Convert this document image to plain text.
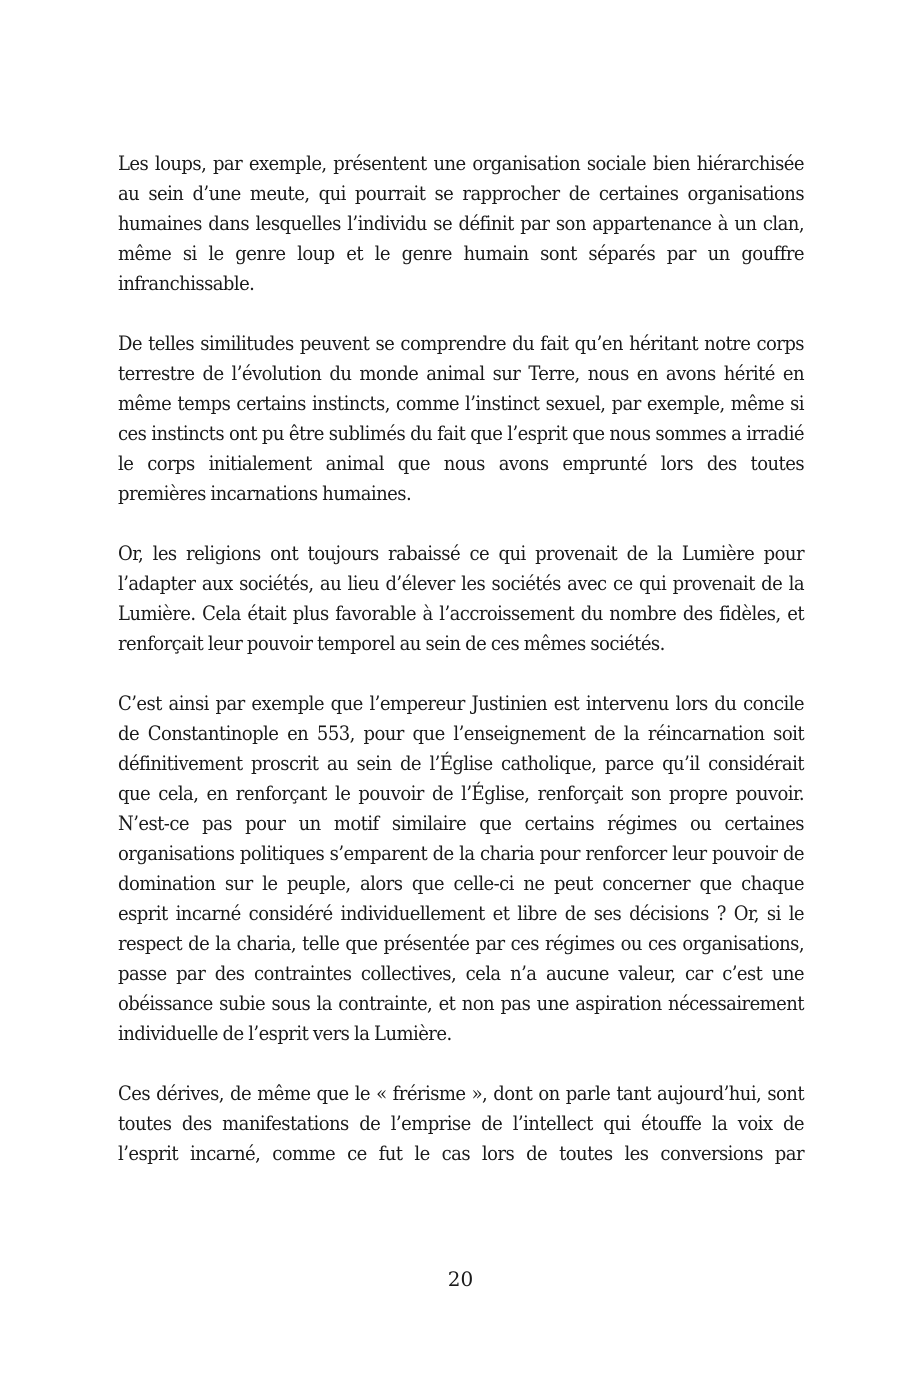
Les loups, par exemple, présentent une organisation sociale bien hiérarchisée au sein d’une meute, qui pourrait se rapprocher de certaines organisations humaines dans lesquelles l’individu se définit par son appartenance à un clan, même si le genre loup et le genre humain sont séparés par un gouffre infranchissable.

De telles similitudes peuvent se comprendre du fait qu’en héritant notre corps terrestre de l’évolution du monde animal sur Terre, nous en avons hérité en même temps certains instincts, comme l’instinct sexuel, par exemple, même si ces instincts ont pu être sublimés du fait que l’esprit que nous sommes a irradié le corps initialement animal que nous avons emprunté lors des toutes premières incarnations humaines.

Or, les religions ont toujours rabaissé ce qui provenait de la Lumière pour l’adapter aux sociétés, au lieu d’élever les sociétés avec ce qui provenait de la Lumière. Cela était plus favorable à l’accroissement du nombre des fidèles, et renforçait leur pouvoir temporel au sein de ces mêmes sociétés.

C’est ainsi par exemple que l’empereur Justinien est intervenu lors du concile de Constantinople en 553, pour que l’enseignement de la réincarnation soit définitivement proscrit au sein de l’Église catholique, parce qu’il considérait que cela, en renforçant le pouvoir de l’Église, renforçait son propre pouvoir. N’est-ce pas pour un motif similaire que certains régimes ou certaines organisations politiques s’emparent de la charia pour renforcer leur pouvoir de domination sur le peuple, alors que celle-ci ne peut concerner que chaque esprit incarné considéré individuellement et libre de ses décisions ? Or, si le respect de la charia, telle que présentée par ces régimes ou ces organisations, passe par des contraintes collectives, cela n’a aucune valeur, car c’est une obéissance subie sous la contrainte, et non pas une aspiration nécessairement individuelle de l’esprit vers la Lumière.

Ces dérives, de même que le « frérisme », dont on parle tant aujourd’hui, sont toutes des manifestations de l’emprise de l’intellect qui étouffe la voix de l’esprit incarné, comme ce fut le cas lors de toutes les conversions par

20
